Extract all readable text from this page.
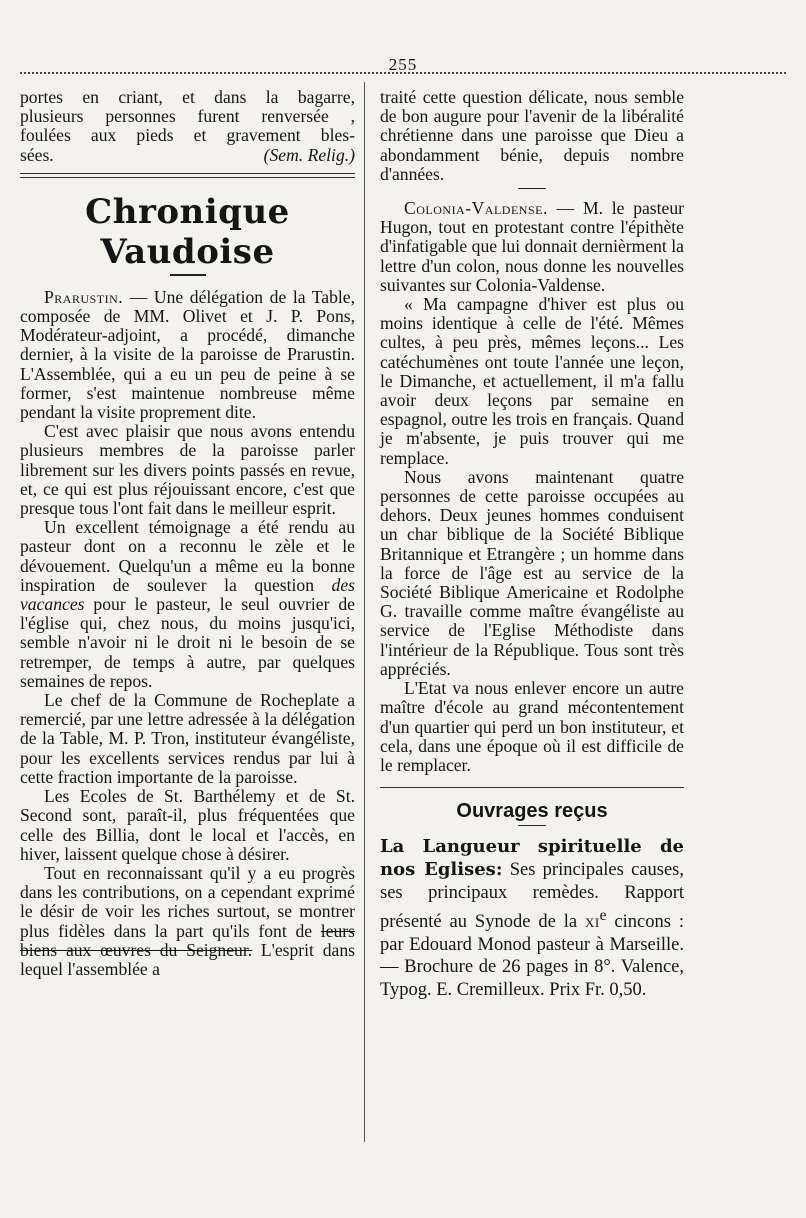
255
portes en criant, et dans la bagarre,
plusieurs personnes furent renversée ,
foulées aux pieds et gravement bles-
sées.	(Sem. Relig.)
Chronique Vaudoise

Prarustin. — Une délégation de la Table, composée de MM. Olivet et J. P. Pons, Modérateur-adjoint, a procédé, dimanche dernier, à la visite de la paroisse de Prarustin. L'Assemblée, qui a eu un peu de peine à se former, s'est maintenue nombreuse même pendant la visite proprement dite.

C'est avec plaisir que nous avons entendu plusieurs membres de la paroisse parler librement sur les divers points passés en revue, et, ce qui est plus réjouissant encore, c'est que presque tous l'ont fait dans le meilleur esprit.

Un excellent témoignage a été rendu au pasteur dont on a reconnu le zèle et le dévouement. Quelqu'un a même eu la bonne inspiration de soulever la question des vacances pour le pasteur, le seul ouvrier de l'église qui, chez nous, du moins jusqu'ici, semble n'avoir ni le droit ni le besoin de se retremper, de temps à autre, par quelques semaines de repos.

Le chef de la Commune de Rocheplate a remercié, par une lettre adressée à la délégation de la Table, M. P. Tron, instituteur évangéliste, pour les excellents services rendus par lui à cette fraction importante de la paroisse.

Les Ecoles de St. Barthélemy et de St. Second sont, paraît-il, plus fréquentées que celle des Billia, dont le local et l'accès, en hiver, laissent quelque chose à désirer.

Tout en reconnaissant qu'il y a eu progrès dans les contributions, on a cependant exprimé le désir de voir les riches surtout, se montrer plus fidèles dans la part qu'ils font de leurs biens aux œuvres du Seigneur. L'esprit dans lequel l'assemblée a

traité cette question délicate, nous semble de bon augure pour l'avenir de la libéralité chrétienne dans une paroisse que Dieu a abondamment bénie, depuis nombre d'années.

Colonia-Valdense. — M. le pasteur Hugon, tout en protestant contre l'épithète d'infatigable que lui donnait dernièrment la lettre d'un colon, nous donne les nouvelles suivantes sur Colonia-Valdense.

« Ma campagne d'hiver est plus ou moins identique à celle de l'été. Mêmes cultes, à peu près, mêmes leçons... Les catéchumènes ont toute l'année une leçon, le Dimanche, et actuellement, il m'a fallu avoir deux leçons par semaine en espagnol, outre les trois en français. Quand je m'absente, je puis trouver qui me remplace.

Nous avons maintenant quatre personnes de cette paroisse occupées au dehors. Deux jeunes hommes conduisent un char biblique de la Société Biblique Britannique et Etrangère ; un homme dans la force de l'âge est au service de la Société Biblique Americaine et Rodolphe G. travaille comme maître évangéliste au service de l'Eglise Méthodiste dans l'intérieur de la République. Tous sont très appréciés.

L'Etat va nous enlever encore un autre maître d'école au grand mécontentement d'un quartier qui perd un bon instituteur, et cela, dans une époque où il est difficile de le remplacer.

Ouvrages reçus

La Langueur spirituelle de nos Eglises: Ses principales causes, ses principaux remèdes. Rapport présenté au Synode de la $xi^e$ cincons : par Edouard Monod pasteur à Marseille. — Brochure de 26 pages in 8°. Valence, Typog. E. Cremilleux. Prix Fr. 0,50.
